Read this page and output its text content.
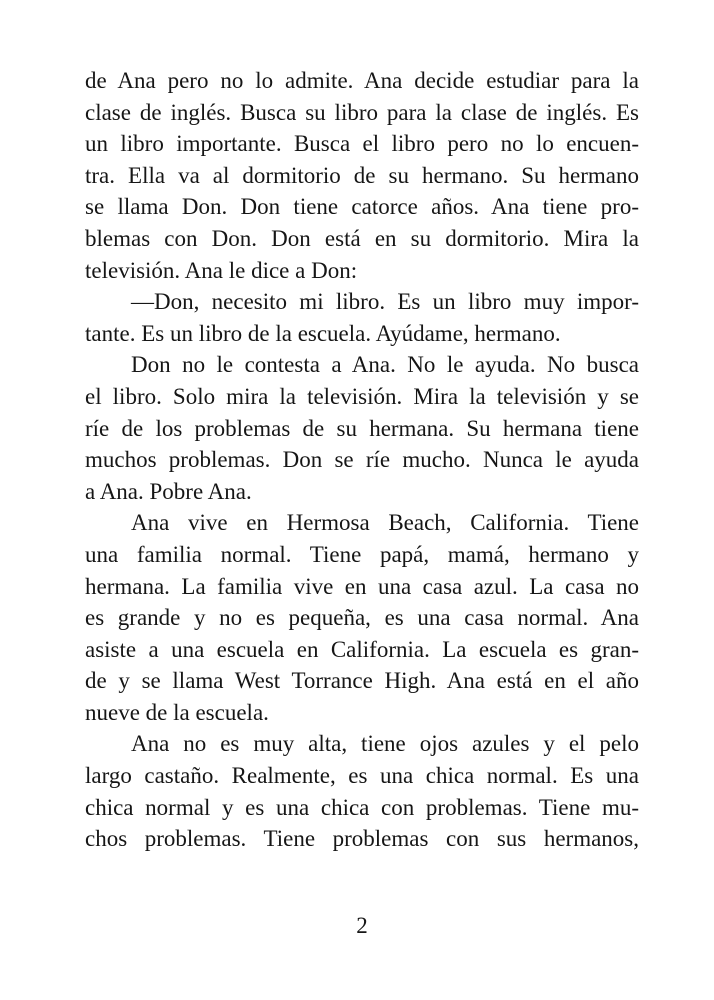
de Ana pero no lo admite. Ana decide estudiar para la
clase de inglés. Busca su libro para la clase de inglés. Es
un libro importante. Busca el libro pero no lo encuen-
tra. Ella va al dormitorio de su hermano. Su hermano
se llama Don. Don tiene catorce años. Ana tiene pro-
blemas con Don. Don está en su dormitorio. Mira la
televisión. Ana le dice a Don:
—Don, necesito mi libro. Es un libro muy impor-
tante. Es un libro de la escuela. Ayúdame, hermano.
Don no le contesta a Ana. No le ayuda. No busca
el libro. Solo mira la televisión. Mira la televisión y se
ríe de los problemas de su hermana. Su hermana tiene
muchos problemas. Don se ríe mucho. Nunca le ayuda
a Ana. Pobre Ana.
Ana vive en Hermosa Beach, California. Tiene
una familia normal. Tiene papá, mamá, hermano y
hermana. La familia vive en una casa azul. La casa no
es grande y no es pequeña, es una casa normal. Ana
asiste a una escuela en California. La escuela es gran-
de y se llama West Torrance High. Ana está en el año
nueve de la escuela.
Ana no es muy alta, tiene ojos azules y el pelo
largo castaño. Realmente, es una chica normal. Es una
chica normal y es una chica con problemas. Tiene mu-
chos problemas. Tiene problemas con sus hermanos,
2
